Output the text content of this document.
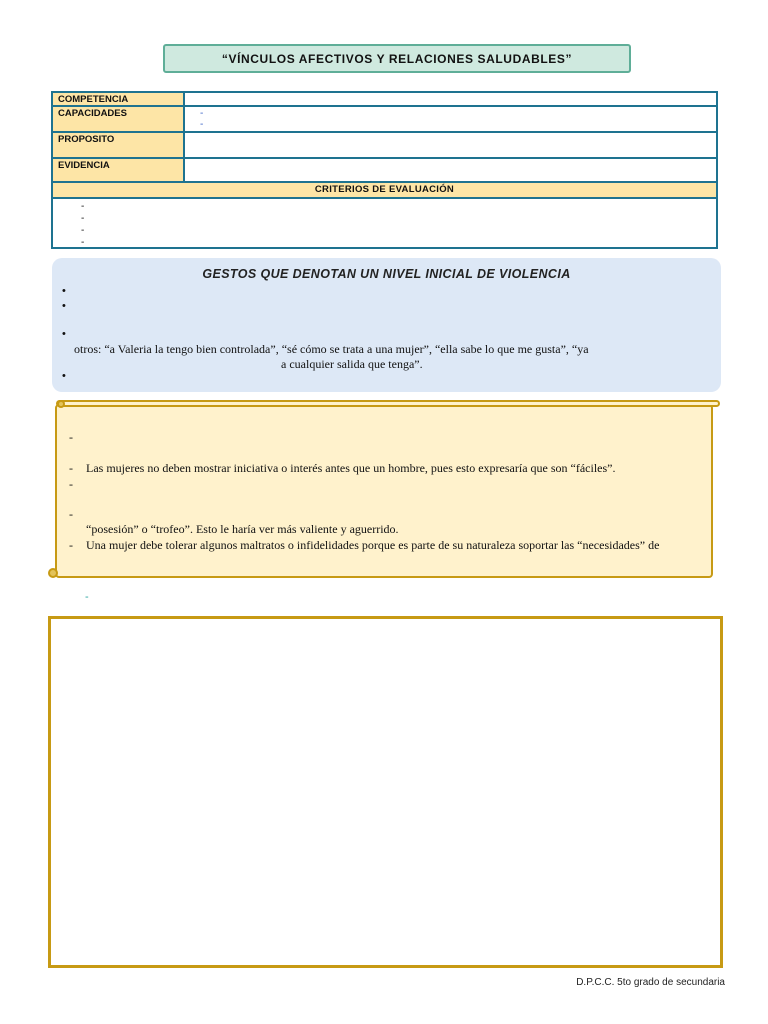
“VÍNCULOS AFECTIVOS Y RELACIONES SALUDABLES”
COMPETENCIA
CAPACIDADES	-
-
PROPOSITO
EVIDENCIA
CRITERIOS DE EVALUACIÓN
-
-
-
-
GESTOS QUE DENOTAN UN NIVEL INICIAL DE VIOLENCIA
•
•
•
otros: “a Valeria la tengo bien controlada”, “sé cómo se trata a una mujer”, “ella sabe lo que me gusta”, “ya
a cualquier salida que tenga”.
•
-
- Las mujeres no deben mostrar iniciativa o interés antes que un hombre, pues esto expresaría que son “fáciles”.
-
-
“posesión” o “trofeo”. Esto le haría ver más valiente y aguerrido.
- Una mujer debe tolerar algunos maltratos o infidelidades porque es parte de su naturaleza soportar las “necesidades” de
-
D.P.C.C. 5to grado de secundaria
